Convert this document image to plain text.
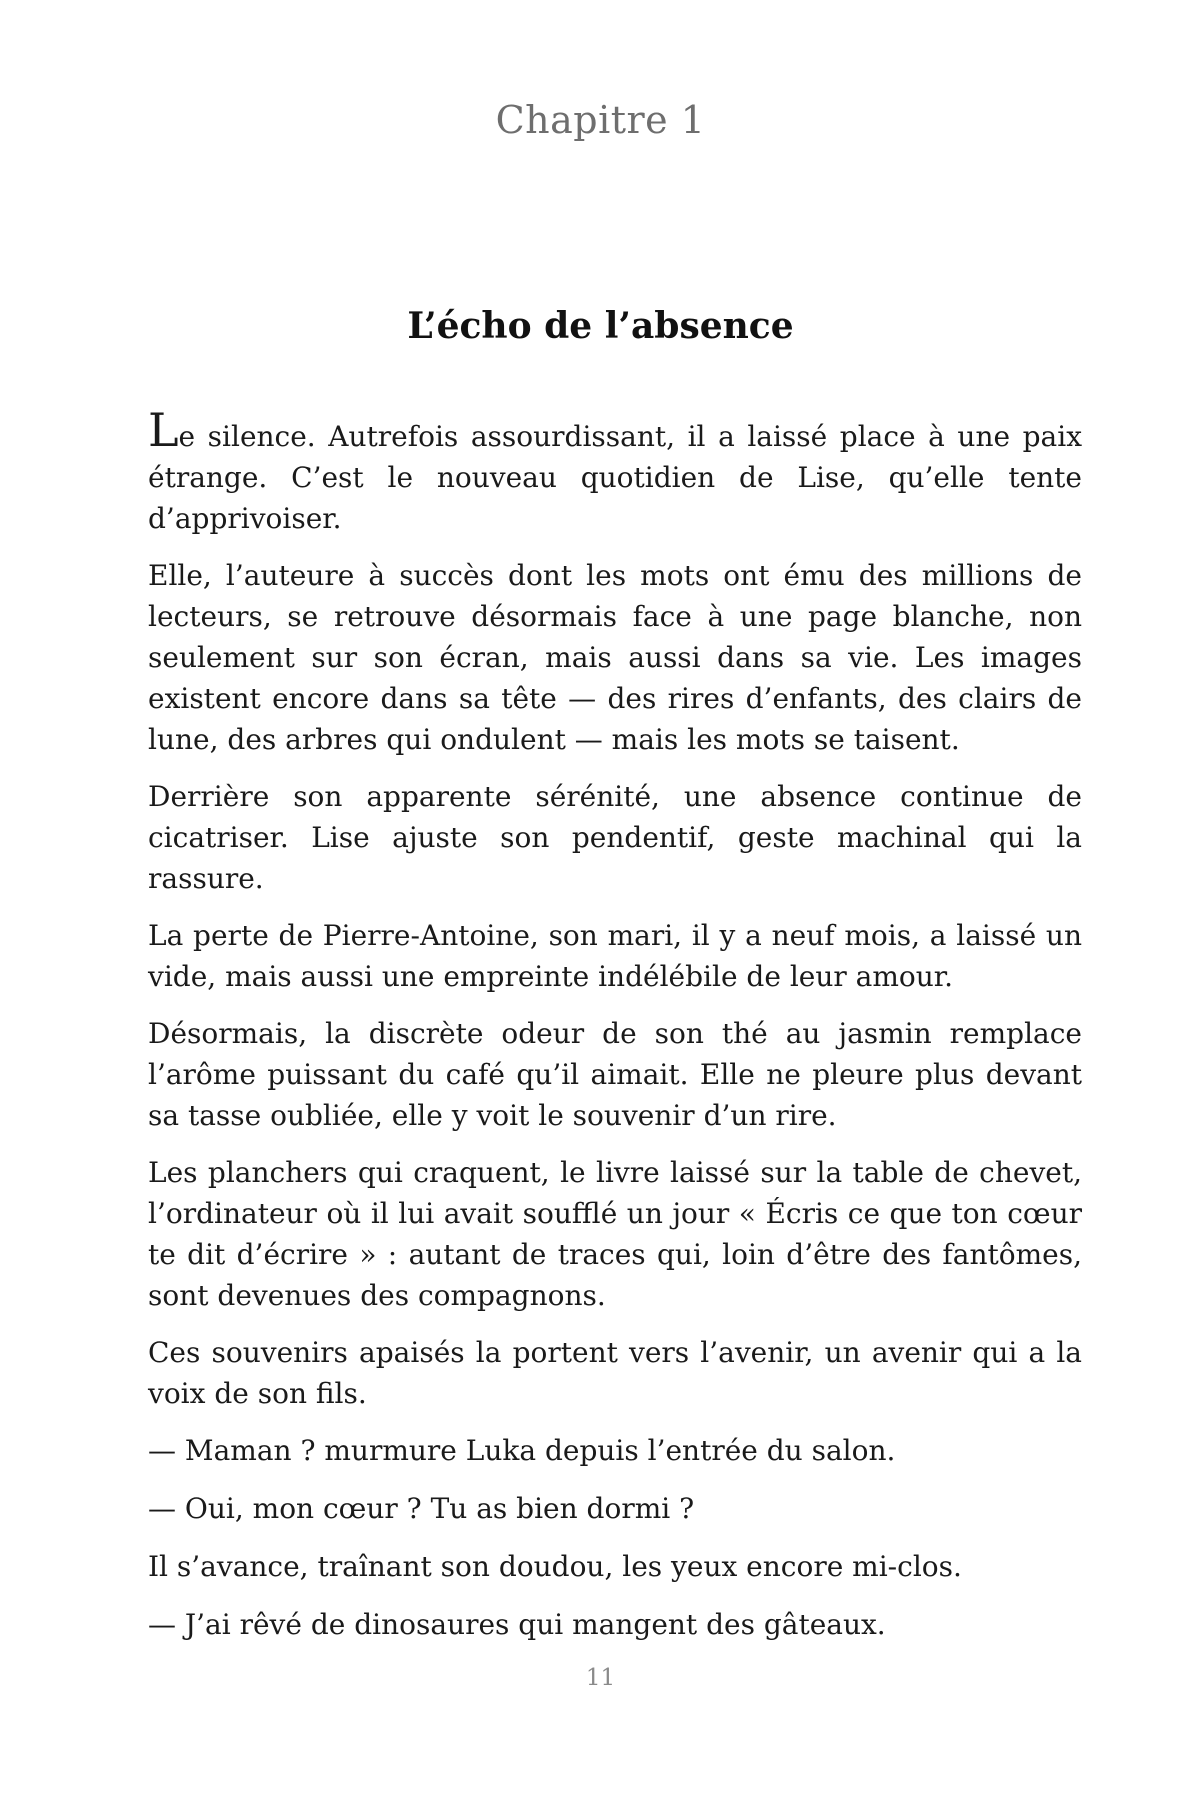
Chapitre 1
L’écho de l’absence

Le silence. Autrefois assourdissant, il a laissé place à une paix étrange. C’est le nouveau quotidien de Lise, qu’elle tente d’apprivoiser.

Elle, l’auteure à succès dont les mots ont ému des millions de lecteurs, se retrouve désormais face à une page blanche, non seulement sur son écran, mais aussi dans sa vie. Les images existent encore dans sa tête — des rires d’enfants, des clairs de lune, des arbres qui ondulent — mais les mots se taisent.

Derrière son apparente sérénité, une absence continue de cicatriser. Lise ajuste son pendentif, geste machinal qui la rassure.

La perte de Pierre-Antoine, son mari, il y a neuf mois, a laissé un vide, mais aussi une empreinte indélébile de leur amour.

Désormais, la discrète odeur de son thé au jasmin remplace l’arôme puissant du café qu’il aimait. Elle ne pleure plus devant sa tasse oubliée, elle y voit le souvenir d’un rire.

Les planchers qui craquent, le livre laissé sur la table de chevet, l’ordinateur où il lui avait soufflé un jour « Écris ce que ton cœur te dit d’écrire » : autant de traces qui, loin d’être des fantômes, sont devenues des compagnons.

Ces souvenirs apaisés la portent vers l’avenir, un avenir qui a la voix de son fils.

— Maman ? murmure Luka depuis l’entrée du salon.

— Oui, mon cœur ? Tu as bien dormi ?

Il s’avance, traînant son doudou, les yeux encore mi-clos.

— J’ai rêvé de dinosaures qui mangent des gâteaux.

11
